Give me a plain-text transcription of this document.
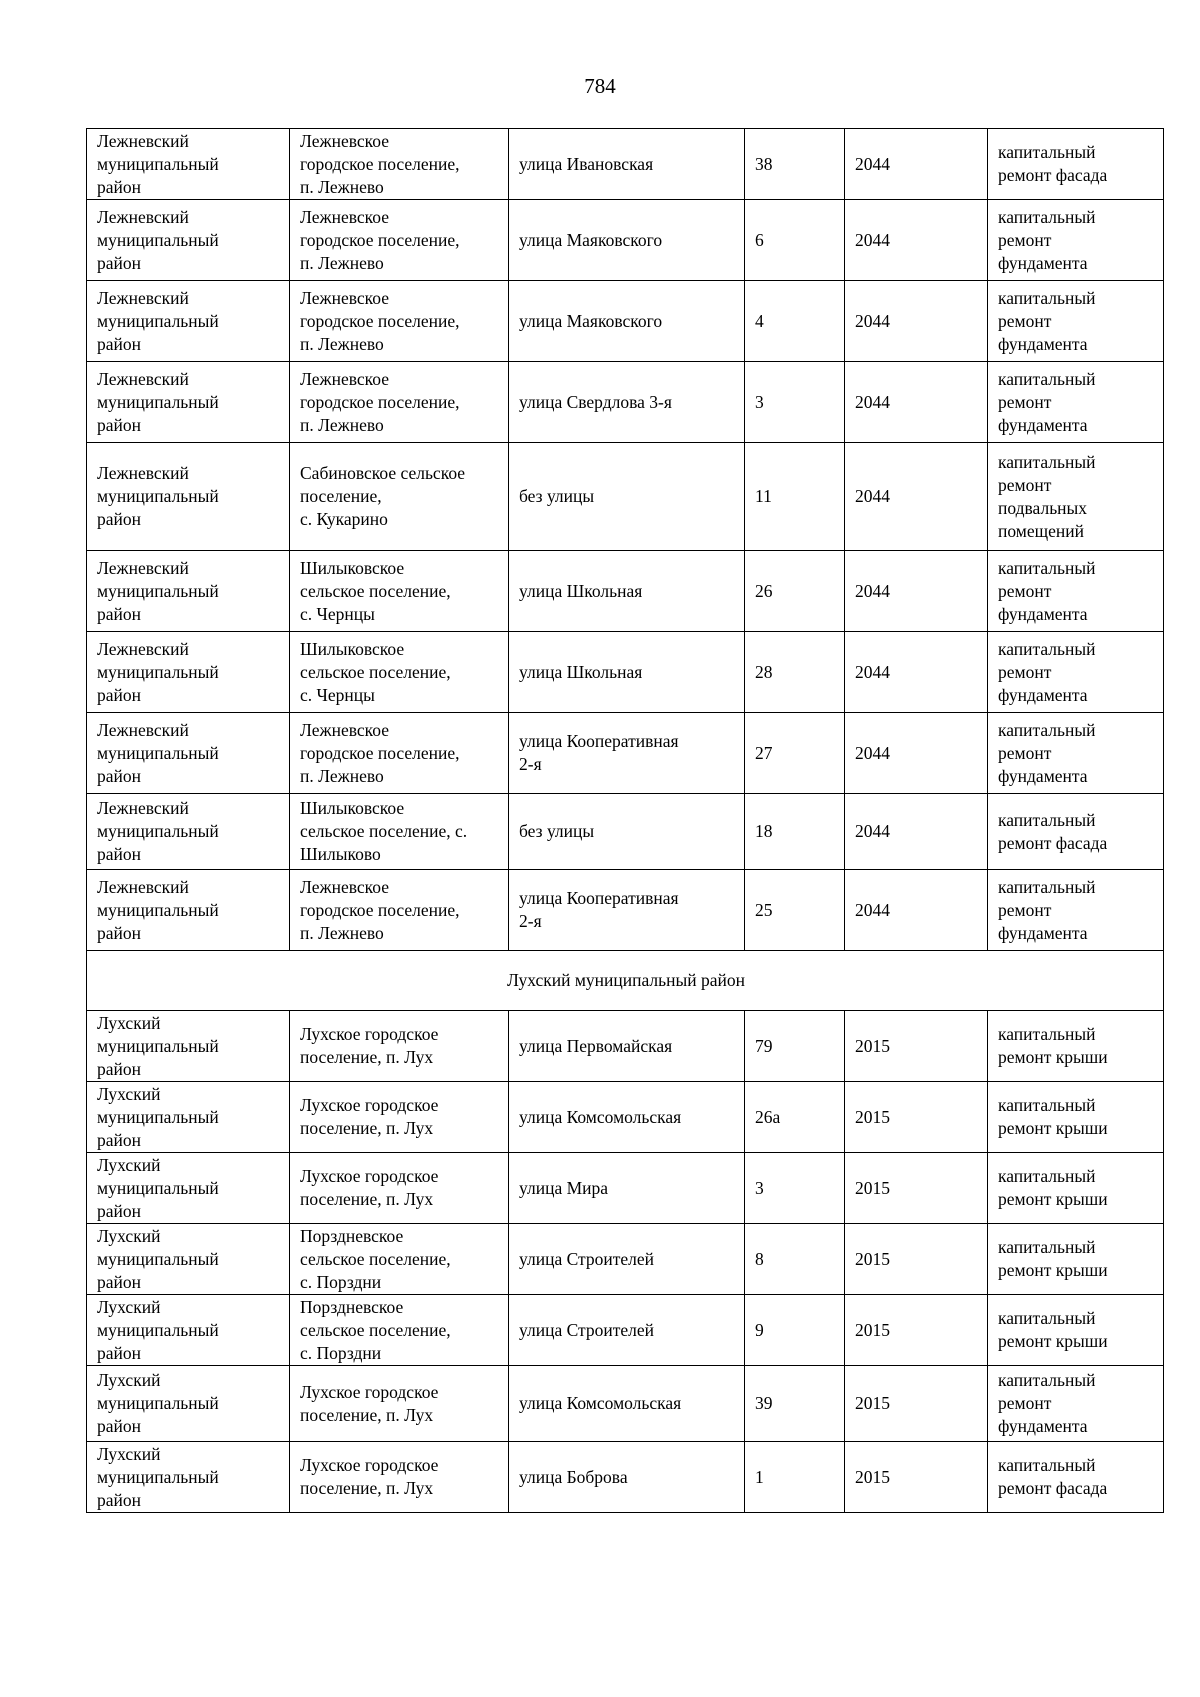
784
Лежневский
муниципальный
район	Лежневское
городское поселение,
п. Лежнево	улица Ивановская	38	2044	капитальный
ремонт фасада
Лежневский
муниципальный
район	Лежневское
городское поселение,
п. Лежнево	улица Маяковского	6	2044	капитальный
ремонт
фундамента
Лежневский
муниципальный
район	Лежневское
городское поселение,
п. Лежнево	улица Маяковского	4	2044	капитальный
ремонт
фундамента
Лежневский
муниципальный
район	Лежневское
городское поселение,
п. Лежнево	улица Свердлова 3-я	3	2044	капитальный
ремонт
фундамента
Лежневский
муниципальный
район	Сабиновское сельское
поселение,
с. Кукарино	без улицы	11	2044	капитальный
ремонт
подвальных
помещений
Лежневский
муниципальный
район	Шилыковское
сельское поселение,
с. Чернцы	улица Школьная	26	2044	капитальный
ремонт
фундамента
Лежневский
муниципальный
район	Шилыковское
сельское поселение,
с. Чернцы	улица Школьная	28	2044	капитальный
ремонт
фундамента
Лежневский
муниципальный
район	Лежневское
городское поселение,
п. Лежнево	улица Кооперативная
2-я	27	2044	капитальный
ремонт
фундамента
Лежневский
муниципальный
район	Шилыковское
сельское поселение, с.
Шилыково	без улицы	18	2044	капитальный
ремонт фасада
Лежневский
муниципальный
район	Лежневское
городское поселение,
п. Лежнево	улица Кооперативная
2-я	25	2044	капитальный
ремонт
фундамента
Лухский муниципальный район					
Лухский
муниципальный
район	Лухское городское
поселение, п. Лух	улица Первомайская	79	2015	капитальный
ремонт крыши
Лухский
муниципальный
район	Лухское городское
поселение, п. Лух	улица Комсомольская	26а	2015	капитальный
ремонт крыши
Лухский
муниципальный
район	Лухское городское
поселение, п. Лух	улица Мира	3	2015	капитальный
ремонт крыши
Лухский
муниципальный
район	Порздневское
сельское поселение,
с. Порздни	улица Строителей	8	2015	капитальный
ремонт крыши
Лухский
муниципальный
район	Порздневское
сельское поселение,
с. Порздни	улица Строителей	9	2015	капитальный
ремонт крыши
Лухский
муниципальный
район	Лухское городское
поселение, п. Лух	улица Комсомольская	39	2015	капитальный
ремонт
фундамента
Лухский
муниципальный
район	Лухское городское
поселение, п. Лух	улица Боброва	1	2015	капитальный
ремонт фасада
